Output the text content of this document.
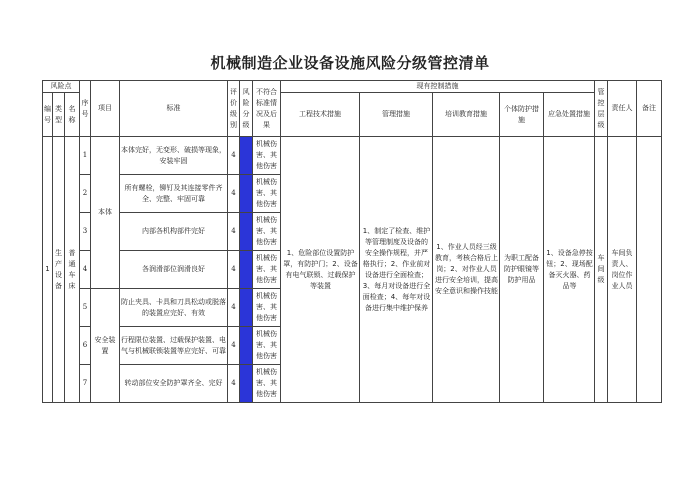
机械制造企业设备设施风险分级管控清单
风险点			序号	项目	标准	评价级别	风险分级	不符合标准情况及后果	现有控制措施					管控层级	责任人	备注
编号	类型	名称							工程技术措施	管理措施	培训教育措施	个体防护措施	应急处置措施			
1	生产设备	普通车床	1	本体	本体完好，无变形、破损等现象，安装牢固	4		机械伤害、其他伤害	1、危险部位设置防护罩，有防护门；2、设备有电气联锁、过载保护等装置	1、制定了检查、维护等管理制度及设备的安全操作规程，并严格执行；2、作业前对设备进行全面检查；3、每月对设备进行全面检查；4、每年对设备进行集中维护保养	1、作业人员经三级教育，考核合格后上岗；2、对作业人员进行安全培训，提高安全意识和操作技能	为职工配备防护眼镜等防护用品	1、设备急停按钮；2、现场配备灭火器、药品等	车间级	车间负责人、岗位作业人员	
			2		所有螺栓，铆钉及其连接零件齐全、完整、牢固可靠	4		机械伤害、其他伤害								
			3		内部各机构部件完好	4		机械伤害、其他伤害								
			4		各润滑部位润滑良好	4		机械伤害、其他伤害								
			5	安全装置	防止夹具、卡具和刀具松动或脱落的装置应完好、有效	4		机械伤害、其他伤害								
			6		行程限位装置、过载保护装置、电气与机械联锁装置等应完好、可靠	4		机械伤害、其他伤害								
			7		转动部位安全防护罩齐全、完好	4		机械伤害、其他伤害								
